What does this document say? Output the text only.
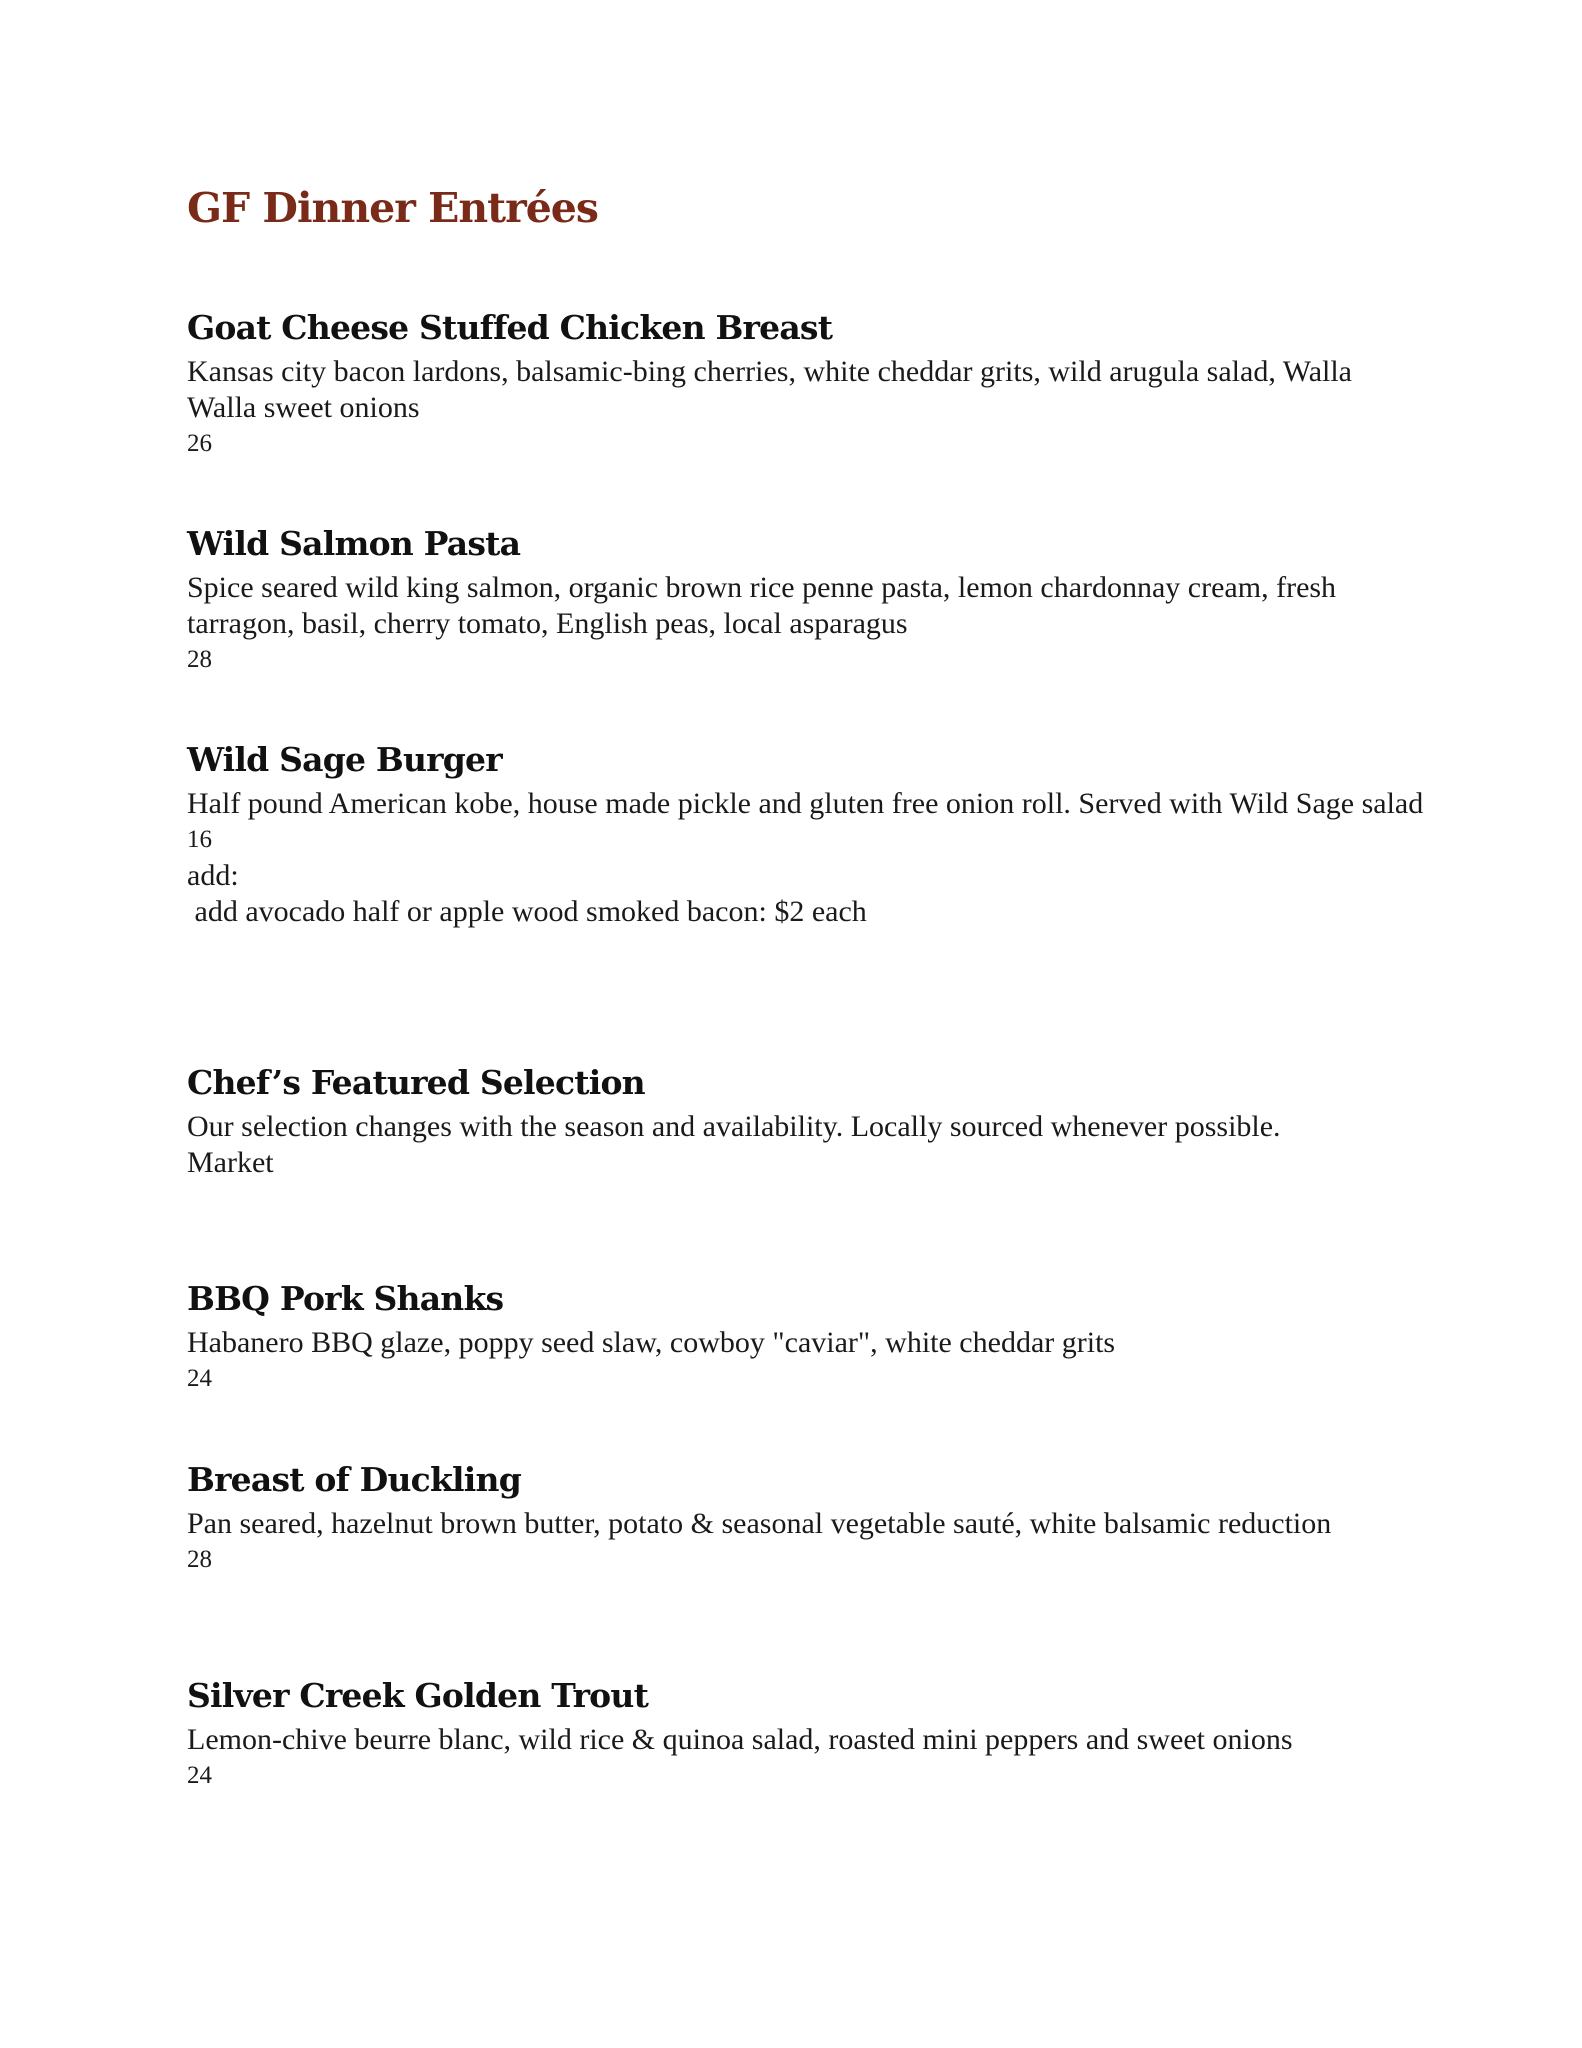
GF Dinner Entrées
Goat Cheese Stuffed Chicken Breast

Kansas city bacon lardons, balsamic-bing cherries, white cheddar grits, wild arugula salad, Walla Walla sweet onions

26

Wild Salmon Pasta

Spice seared wild king salmon, organic brown rice penne pasta, lemon chardonnay cream, fresh tarragon, basil, cherry tomato, English peas, local asparagus

28

Wild Sage Burger

Half pound American kobe, house made pickle and gluten free onion roll. Served with Wild Sage salad

16

add:

add avocado half or apple wood smoked bacon: $2 each

Chef’s Featured Selection

Our selection changes with the season and availability. Locally sourced whenever possible.

Market

BBQ Pork Shanks

Habanero BBQ glaze, poppy seed slaw, cowboy "caviar", white cheddar grits

24

Breast of Duckling

Pan seared, hazelnut brown butter, potato & seasonal vegetable sauté, white balsamic reduction

28

Silver Creek Golden Trout

Lemon-chive beurre blanc, wild rice & quinoa salad, roasted mini peppers and sweet onions

24
